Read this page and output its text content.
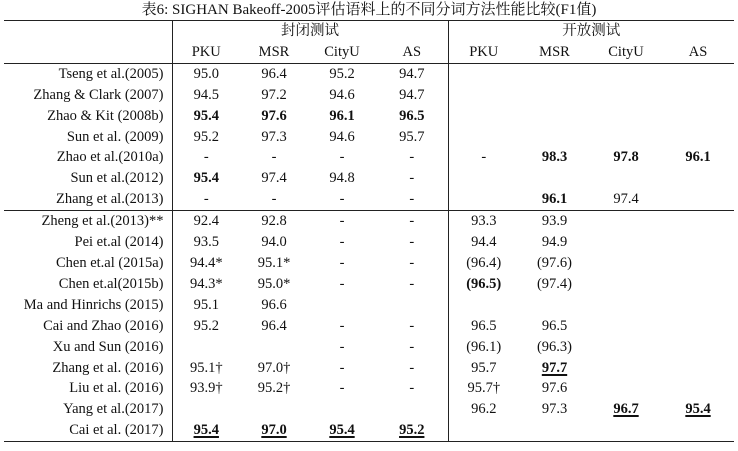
表6: SIGHAN Bakeoff-2005评估语料上的不同分词方法性能比较(F1值)
	封闭测试				开放测试			
	PKU	MSR	CityU	AS	PKU	MSR	CityU	AS
Tseng et al.(2005)	95.0	96.4	95.2	94.7				
Zhang & Clark (2007)	94.5	97.2	94.6	94.7				
Zhao & Kit (2008b)	95.4	97.6	96.1	96.5				
Sun et al. (2009)	95.2	97.3	94.6	95.7				
Zhao et al.(2010a)	-	-	-	-	-	98.3	97.8	96.1
Sun et al.(2012)	95.4	97.4	94.8	-				
Zhang et al.(2013)	-	-	-	-		96.1	97.4	
Zheng et al.(2013)**	92.4	92.8	-	-	93.3	93.9		
Pei et.al (2014)	93.5	94.0	-	-	94.4	94.9		
Chen et.al (2015a)	94.4*	95.1*	-	-	(96.4)	(97.6)		
Chen et.al(2015b)	94.3*	95.0*	-	-	(96.5)	(97.4)		
Ma and Hinrichs (2015)	95.1	96.6						
Cai and Zhao (2016)	95.2	96.4	-	-	96.5	96.5		
Xu and Sun (2016)			-	-	(96.1)	(96.3)		
Zhang et al. (2016)	95.1†	97.0†	-	-	95.7	97.7		
Liu et al. (2016)	93.9†	95.2†	-	-	95.7†	97.6		
Yang et al.(2017)					96.2	97.3	96.7	95.4
Cai et al. (2017)	95.4	97.0	95.4	95.2				
